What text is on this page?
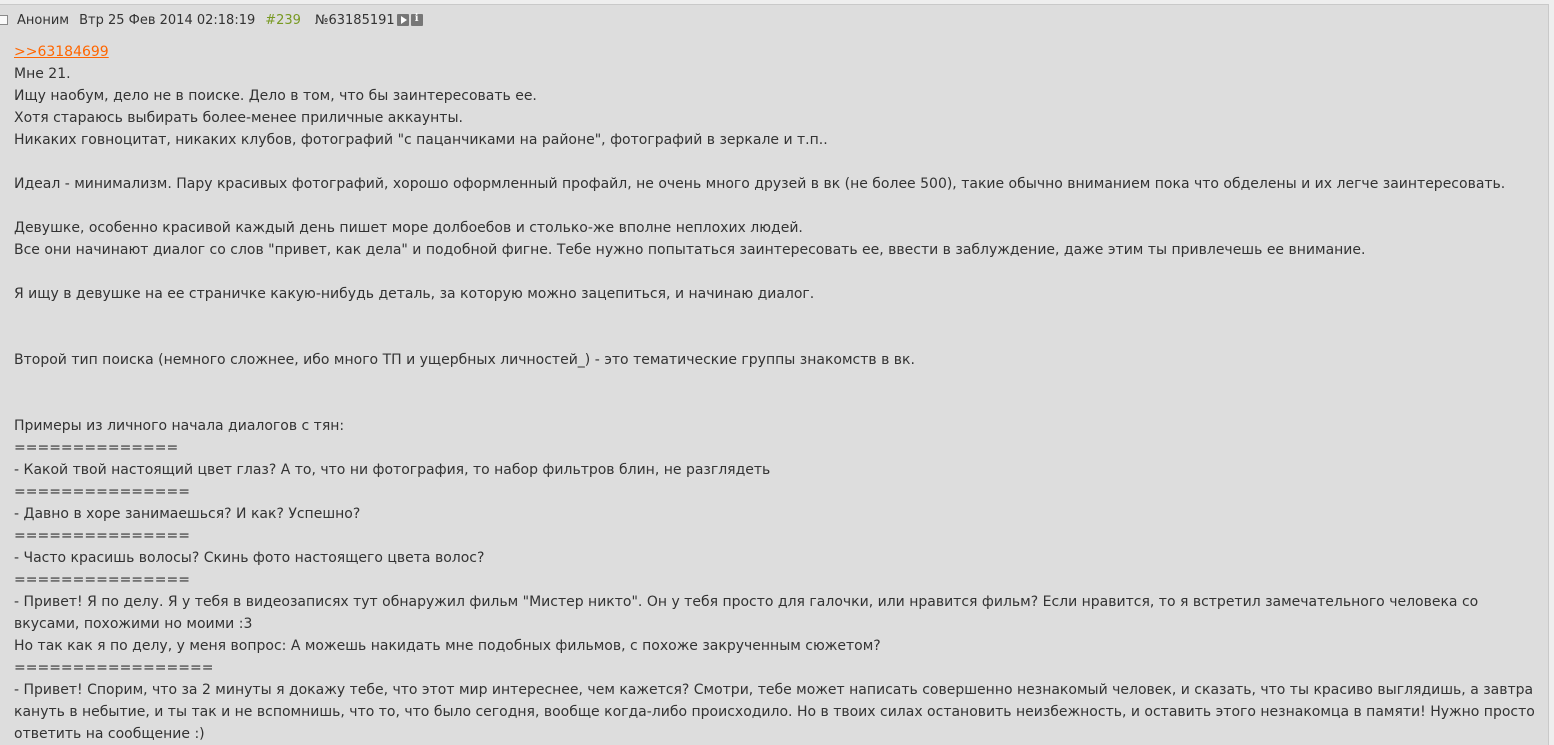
Аноним Втр 25 Фев 2014 02:18:19 #239 №63185191
i
>>63184699
Мне 21.
Ищу наобум, дело не в поиске. Дело в том, что бы заинтересовать ее.
Хотя стараюсь выбирать более-менее приличные аккаунты.
Никаких говноцитат, никаких клубов, фотографий "с пацанчиками на районе", фотографий в зеркале и т.п..
Идеал - минимализм. Пару красивых фотографий, хорошо оформленный профайл, не очень много друзей в вк (не более 500), такие обычно вниманием пока что обделены и их легче заинтересовать.
Девушке, особенно красивой каждый день пишет море долбоебов и столько-же вполне неплохих людей.
Все они начинают диалог со слов "привет, как дела" и подобной фигне. Тебе нужно попытаться заинтересовать ее, ввести в заблуждение, даже этим ты привлечешь ее внимание.
Я ищу в девушке на ее страничке какую-нибудь деталь, за которую можно зацепиться, и начинаю диалог.
Второй тип поиска (немного сложнее, ибо много ТП и ущербных личностей_) - это тематические группы знакомств в вк.
Примеры из личного начала диалогов с тян:
==============
- Какой твой настоящий цвет глаз? А то, что ни фотография, то набор фильтров блин, не разглядеть
===============
- Давно в хоре занимаешься? И как? Успешно?
===============
- Часто красишь волосы? Скинь фото настоящего цвета волос?
===============
- Привет! Я по делу. Я у тебя в видеозаписях тут обнаружил фильм "Мистер никто". Он у тебя просто для галочки, или нравится фильм? Если нравится, то я встретил замечательного человека со вкусами, похожими но моими :3
Но так как я по делу, у меня вопрос: А можешь накидать мне подобных фильмов, с похоже закрученным сюжетом?
=================
- Привет! Спорим, что за 2 минуты я докажу тебе, что этот мир интереснее, чем кажется? Смотри, тебе может написать совершенно незнакомый человек, и сказать, что ты красиво выглядишь, а завтра кануть в небытие, и ты так и не вспомнишь, что то, что было сегодня, вообще когда-либо происходило. Но в твоих силах остановить неизбежность, и оставить этого незнакомца в памяти! Нужно просто ответить на сообщение :)
